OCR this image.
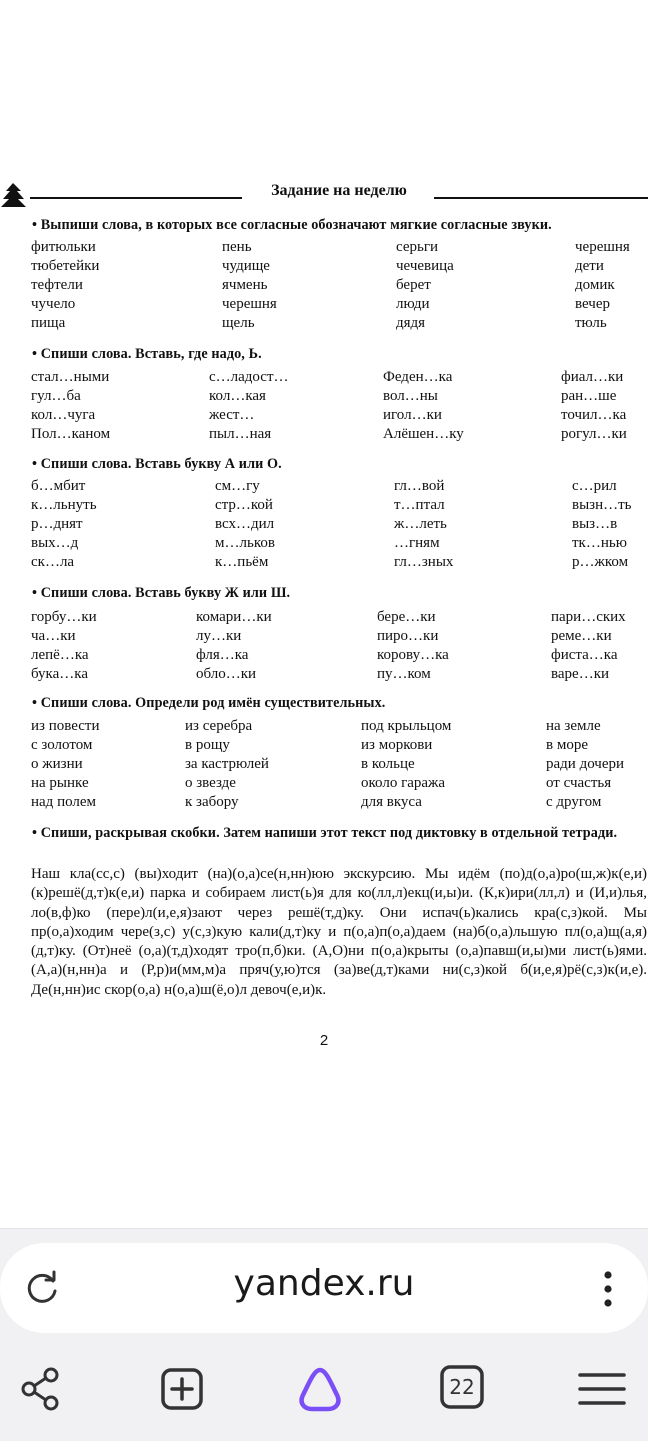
Задание на неделю
• Выпиши слова, в которых все согласные обозначают мягкие согласные звуки.
фитюльки	пень	серьги	черешня
тюбетейки	чудище	чечевица	дети
тефтели	ячмень	берет	домик
чучело	черешня	люди	вечер
пища	щель	дядя	тюль
• Спиши слова. Вставь, где надо, Ь.
стал…ными	с…ладост…	Феден…ка	фиал…ки
гул…ба	кол…кая	вол…ны	ран…ше
кол…чуга	жест…	игол…ки	точил…ка
Пол…каном	пыл…ная	Алёшен…ку	рогул…ки
• Спиши слова. Вставь букву А или О.
б…мбит	см…гу	гл…вой	с…рил
к…льнуть	стр…кой	т…птал	вызн…ть
р…днят	всх…дил	ж…леть	выз…в
вых…д	м…льков	…гням	тк…нью
ск…ла	к…пьём	гл…зных	р…жком
• Спиши слова. Вставь букву Ж или Ш.
горбу…ки	комари…ки	бере…ки	пари…ских
ча…ки	лу…ки	пиро…ки	реме…ки
лепё…ка	фля…ка	корову…ка	фиста…ка
бука…ка	обло…ки	пу…ком	варе…ки
• Спиши слова. Определи род имён существительных.
из повести	из серебра	под крыльцом	на земле
с золотом	в рощу	из моркови	в море
о жизни	за кастрюлей	в кольце	ради дочери
на рынке	о звезде	около гаража	от счастья
над полем	к забору	для вкуса	с другом
• Спиши, раскрывая скобки. Затем напиши этот текст под диктовку в отдельной тетради.
Наш кла(сс,с) (вы)ходит (на)(о,а)се(н,нн)юю экскурсию. Мы идём (по)д(о,а)ро(ш,ж)к(е,и) (к)решё(д,т)к(е,и) парка и собираем лист(ь)я для ко(лл,л)екц(и,ы)и. (К,к)ири(лл,л) и (И,и)лья, ло(в,ф)ко (пере)л(и,е,я)зают через решё(т,д)ку. Они испач(ь)кались кра(с,з)кой. Мы пр(о,а)ходим чере(з,с) у(с,з)кую кали(д,т)ку и п(о,а)п(о,а)даем (на)б(о,а)льшую пл(о,а)щ(а,я)(д,т)ку. (От)неё (о,а)(т,д)ходят тро(п,б)ки. (А,О)ни п(о,а)крыты (о,а)павш(и,ы)ми лист(ь)ями. (А,а)(н,нн)а и (Р,р)и(мм,м)а пряч(у,ю)тся (за)ве(д,т)ками ни(с,з)кой б(и,е,я)рё(с,з)к(и,е). Де(н,нн)ис скор(о,а) н(о,а)ш(ё,о)л девоч(е,и)к.
2
yandex.ru
22
